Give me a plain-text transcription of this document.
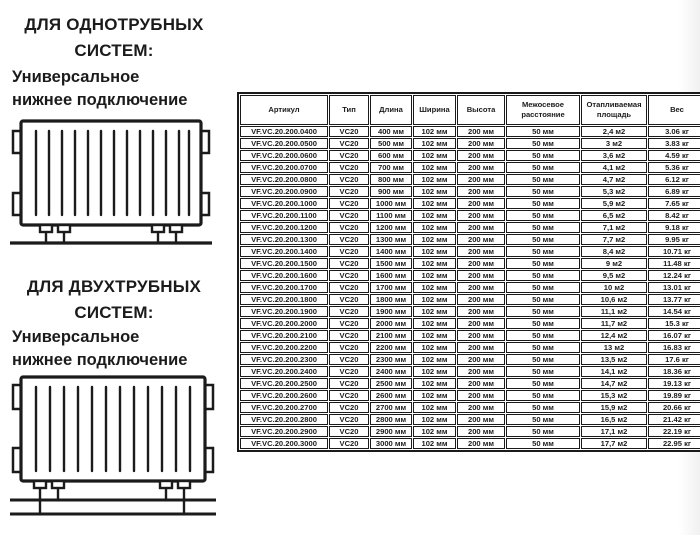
ДЛЯ ОДНОТРУБНЫХ
СИСТЕМ:
Универсальное
нижнее подключение
ДЛЯ ДВУХТРУБНЫХ
СИСТЕМ:
Универсальное
нижнее подключение
Артикул	Тип	Длина	Ширина	Высота	Межосевое расстояние	Отапливаемая площадь	Вес
VF.VC.20.200.0400	VC20	400 мм	102 мм	200 мм	50 мм	2,4 м2	3.06 кг
VF.VC.20.200.0500	VC20	500 мм	102 мм	200 мм	50 мм	3 м2	3.83 кг
VF.VC.20.200.0600	VC20	600 мм	102 мм	200 мм	50 мм	3,6 м2	4.59 кг
VF.VC.20.200.0700	VC20	700 мм	102 мм	200 мм	50 мм	4,1 м2	5.36 кг
VF.VC.20.200.0800	VC20	800 мм	102 мм	200 мм	50 мм	4,7 м2	6.12 кг
VF.VC.20.200.0900	VC20	900 мм	102 мм	200 мм	50 мм	5,3 м2	6.89 кг
VF.VC.20.200.1000	VC20	1000 мм	102 мм	200 мм	50 мм	5,9 м2	7.65 кг
VF.VC.20.200.1100	VC20	1100 мм	102 мм	200 мм	50 мм	6,5 м2	8.42 кг
VF.VC.20.200.1200	VC20	1200 мм	102 мм	200 мм	50 мм	7,1 м2	9.18 кг
VF.VC.20.200.1300	VC20	1300 мм	102 мм	200 мм	50 мм	7,7 м2	9.95 кг
VF.VC.20.200.1400	VC20	1400 мм	102 мм	200 мм	50 мм	8,4 м2	10.71 кг
VF.VC.20.200.1500	VC20	1500 мм	102 мм	200 мм	50 мм	9 м2	11.48 кг
VF.VC.20.200.1600	VC20	1600 мм	102 мм	200 мм	50 мм	9,5 м2	12.24 кг
VF.VC.20.200.1700	VC20	1700 мм	102 мм	200 мм	50 мм	10 м2	13.01 кг
VF.VC.20.200.1800	VC20	1800 мм	102 мм	200 мм	50 мм	10,6 м2	13.77 кг
VF.VC.20.200.1900	VC20	1900 мм	102 мм	200 мм	50 мм	11,1 м2	14.54 кг
VF.VC.20.200.2000	VC20	2000 мм	102 мм	200 мм	50 мм	11,7 м2	15.3 кг
VF.VC.20.200.2100	VC20	2100 мм	102 мм	200 мм	50 мм	12,4 м2	16.07 кг
VF.VC.20.200.2200	VC20	2200 мм	102 мм	200 мм	50 мм	13 м2	16.83 кг
VF.VC.20.200.2300	VC20	2300 мм	102 мм	200 мм	50 мм	13,5 м2	17.6 кг
VF.VC.20.200.2400	VC20	2400 мм	102 мм	200 мм	50 мм	14,1 м2	18.36 кг
VF.VC.20.200.2500	VC20	2500 мм	102 мм	200 мм	50 мм	14,7 м2	19.13 кг
VF.VC.20.200.2600	VC20	2600 мм	102 мм	200 мм	50 мм	15,3 м2	19.89 кг
VF.VC.20.200.2700	VC20	2700 мм	102 мм	200 мм	50 мм	15,9 м2	20.66 кг
VF.VC.20.200.2800	VC20	2800 мм	102 мм	200 мм	50 мм	16,5 м2	21.42 кг
VF.VC.20.200.2900	VC20	2900 мм	102 мм	200 мм	50 мм	17,1 м2	22.19 кг
VF.VC.20.200.3000	VC20	3000 мм	102 мм	200 мм	50 мм	17,7 м2	22.95 кг
